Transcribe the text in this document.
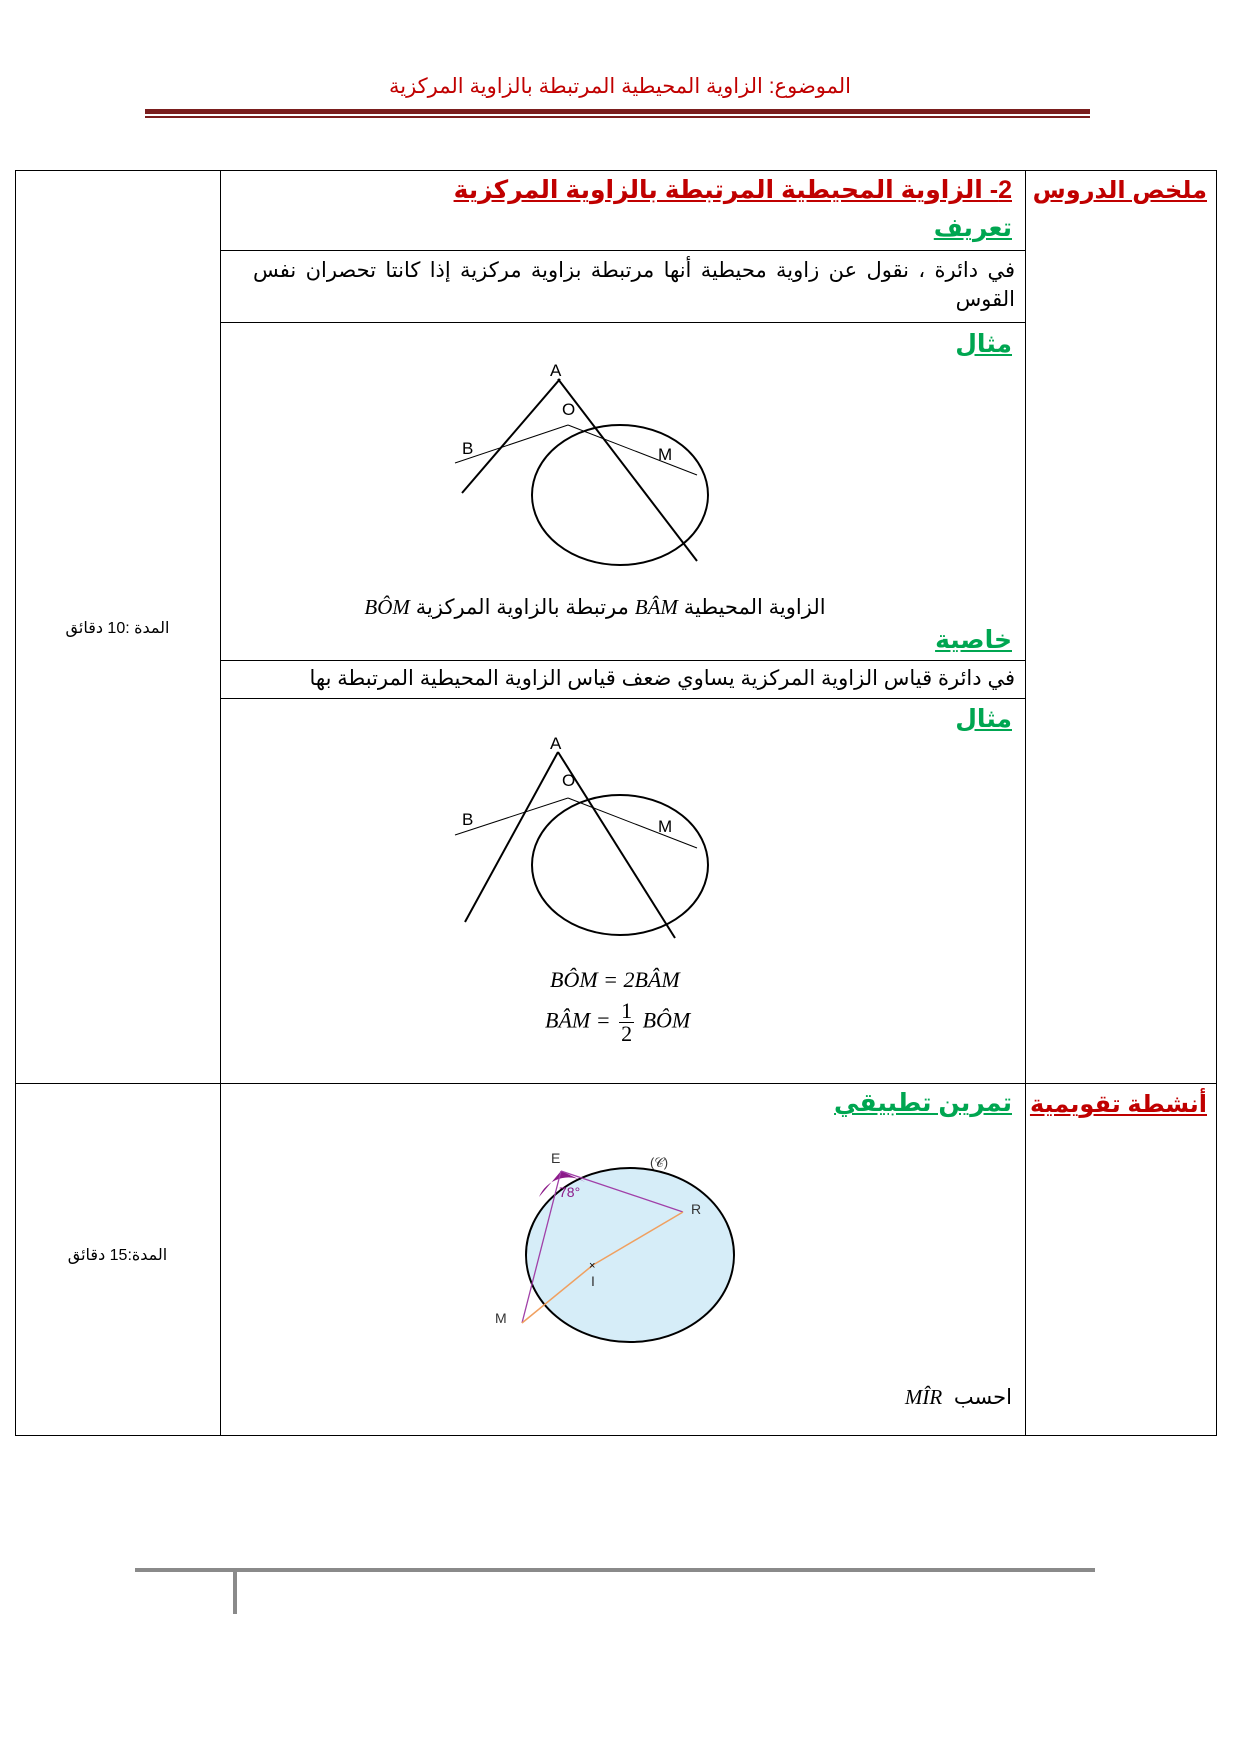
الموضوع: الزاوية المحيطية المرتبطة بالزاوية المركزية
ملخص الدروس
2- الزاوية المحيطية المرتبطة بالزاوية المركزية
تعريف
في دائرة ، نقول عن زاوية محيطية أنها مرتبطة بزاوية مركزية إذا كانتا تحصران نفس القوس
مثال
A
O
B	M
الزاوية المحيطية BÂM مرتبطة بالزاوية المركزية BÔM
خاصية
في دائرة قياس الزاوية المركزية يساوي ضعف قياس الزاوية المحيطية المرتبطة بها
مثال
A
O
B	M
BÔM = 2BÂM
BÂM = $\frac{1}{2}$ BÔM
المدة :10 دقائق
أنشطة تقويمية
تمرين تطبيقي
×
E	(𝒞)
R
I
M
78°
احسب  MÎR
المدة:15 دقائق
